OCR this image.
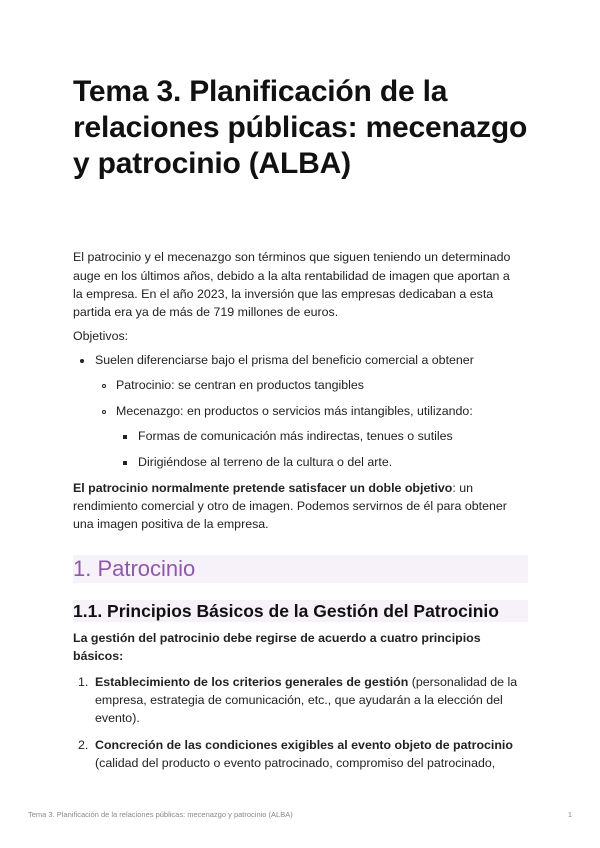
Tema 3. Planificación de la relaciones públicas: mecenazgo y patrocinio (ALBA)

El patrocinio y el mecenazgo son términos que siguen teniendo un determinado

auge en los últimos años, debido a la alta rentabilidad de imagen que aportan a

la empresa. En el año 2023, la inversión que las empresas dedicaban a esta

partida era ya de más de 719 millones de euros.

Objetivos:

Suelen diferenciarse bajo el prisma del beneficio comercial a obtener
Patrocinio: se centran en productos tangibles
Mecenazgo: en productos o servicios más intangibles, utilizando:
Formas de comunicación más indirectas, tenues o sutiles
Dirigiéndose al terreno de la cultura o del arte.

El patrocinio normalmente pretende satisfacer un doble objetivo: un

rendimiento comercial y otro de imagen. Podemos servirnos de él para obtener

una imagen positiva de la empresa.

1. Patrocinio
1.1. Principios Básicos de la Gestión del Patrocinio

La gestión del patrocinio debe regirse de acuerdo a cuatro principios

básicos:

1. Establecimiento de los criterios generales de gestión (personalidad de la
empresa, estrategia de comunicación, etc., que ayudarán a la elección del
evento).
2. Concreción de las condiciones exigibles al evento objeto de patrocinio
(calidad del producto o evento patrocinado, compromiso del patrocinado,
Tema 3. Planificación de la relaciones públicas: mecenazgo y patrocinio (ALBA)	1
